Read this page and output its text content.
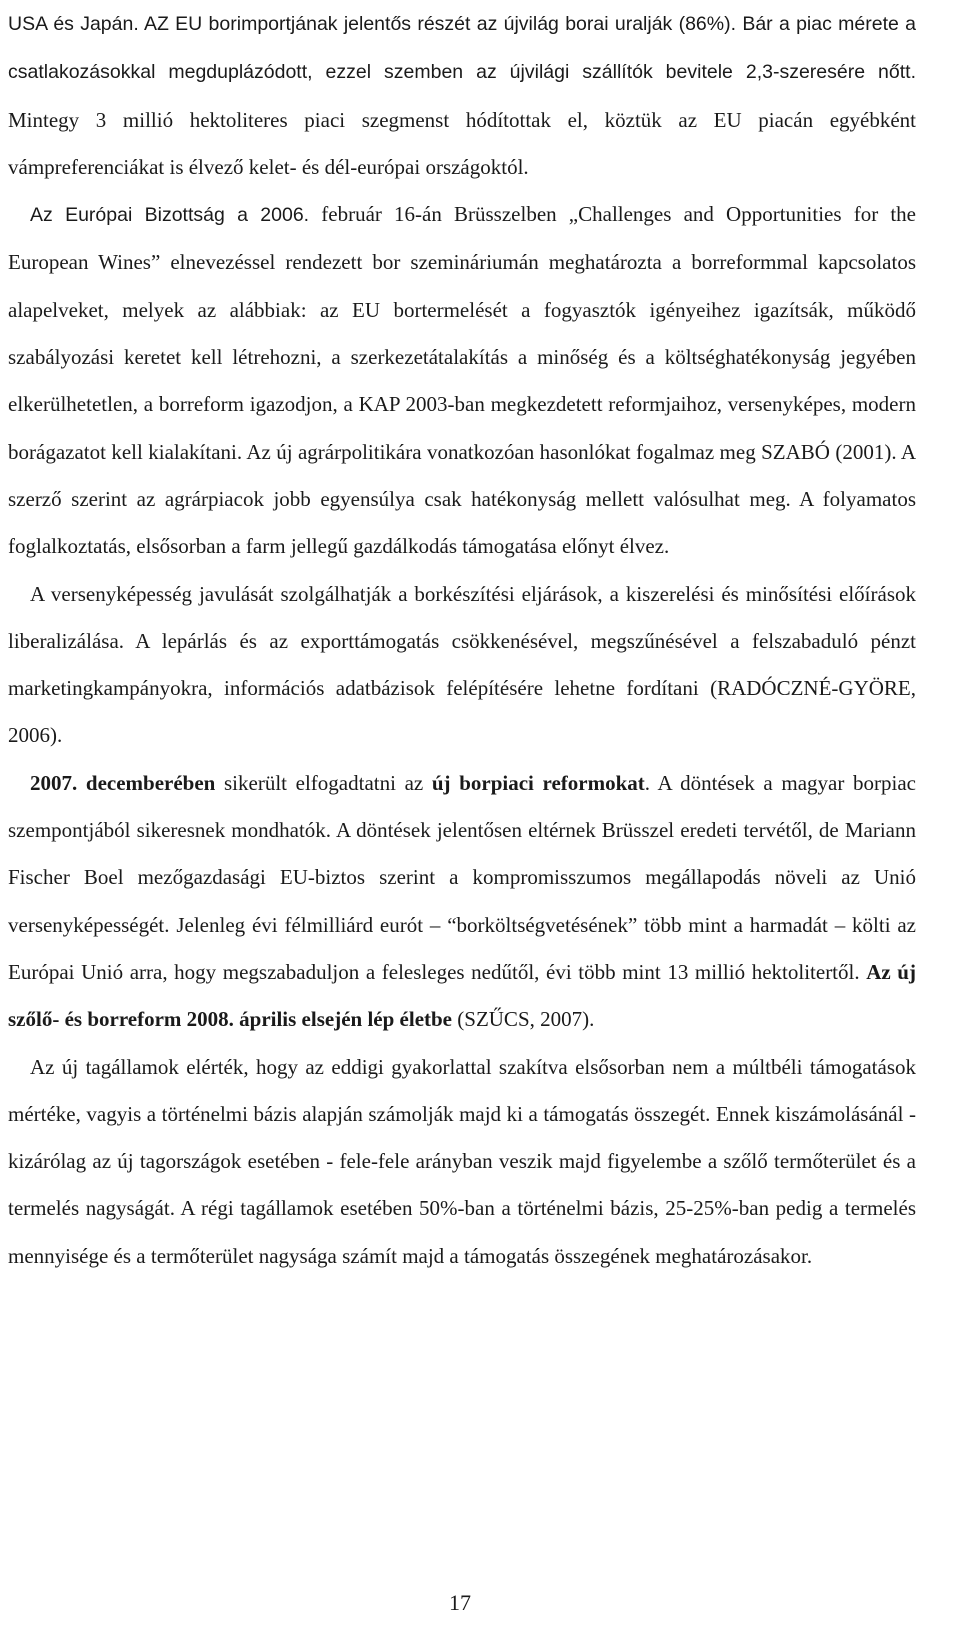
USA és Japán. AZ EU borimportjának jelentős részét az újvilág borai uralják (86%). Bár a piac mérete a csatlakozásokkal megduplázódott, ezzel szemben az újvilági szállítók bevitele 2,3-szeresére nőtt. Mintegy 3 millió hektoliteres piaci szegmenst hódítottak el, köztük az EU piacán egyébként vámpreferenciákat is élvező kelet- és dél-európai országoktól.

Az Európai Bizottság a 2006. február 16-án Brüsszelben „Challenges and Opportunities for the European Wines” elnevezéssel rendezett bor szemináriumán meghatározta a borreformmal kapcsolatos alapelveket, melyek az alábbiak: az EU bortermelését a fogyasztók igényeihez igazítsák, működő szabályozási keretet kell létrehozni, a szerkezetátalakítás a minőség és a költséghatékonyság jegyében elkerülhetetlen, a borreform igazodjon, a KAP 2003-ban megkezdetett reformjaihoz, versenyképes, modern borágazatot kell kialakítani. Az új agrárpolitikára vonatkozóan hasonlókat fogalmaz meg SZABÓ (2001). A szerző szerint az agrárpiacok jobb egyensúlya csak hatékonyság mellett valósulhat meg. A folyamatos foglalkoztatás, elsősorban a farm jellegű gazdálkodás támogatása előnyt élvez.

A versenyképesség javulását szolgálhatják a borkészítési eljárások, a kiszerelési és minősítési előírások liberalizálása. A lepárlás és az exporttámogatás csökkenésével, megszűnésével a felszabaduló pénzt marketingkampányokra, információs adatbázisok felépítésére lehetne fordítani (RADÓCZNÉ-GYÖRE, 2006).

2007. decemberében sikerült elfogadtatni az új borpiaci reformokat. A döntések a magyar borpiac szempontjából sikeresnek mondhatók. A döntések jelentősen eltérnek Brüsszel eredeti tervétől, de Mariann Fischer Boel mezőgazdasági EU-biztos szerint a kompromisszumos megállapodás növeli az Unió versenyképességét. Jelenleg évi félmilliárd eurót – “borköltségvetésének” több mint a harmadát – költi az Európai Unió arra, hogy megszabaduljon a felesleges nedűtől, évi több mint 13 millió hektolitertől. Az új szőlő- és borreform 2008. április elsején lép életbe (SZŰCS, 2007).

Az új tagállamok elérték, hogy az eddigi gyakorlattal szakítva elsősorban nem a múltbéli támogatások mértéke, vagyis a történelmi bázis alapján számolják majd ki a támogatás összegét. Ennek kiszámolásánál - kizárólag az új tagországok esetében - fele-fele arányban veszik majd figyelembe a szőlő termőterület és a termelés nagyságát. A régi tagállamok esetében 50%-ban a történelmi bázis, 25-25%-ban pedig a termelés mennyisége és a termőterület nagysága számít majd a támogatás összegének meghatározásakor.

17
